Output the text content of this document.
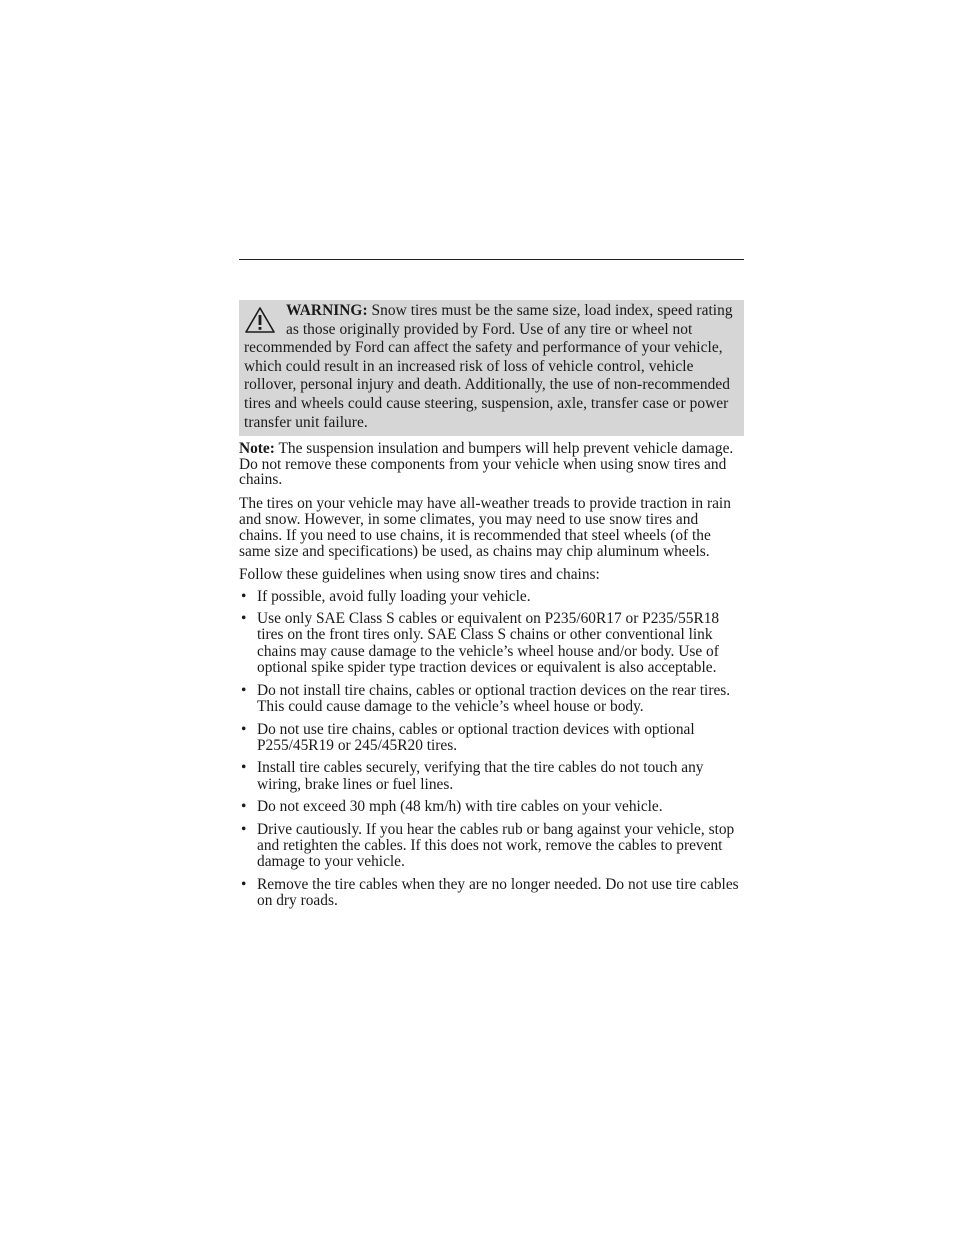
WARNING: Snow tires must be the same size, load index, speed rating as those originally provided by Ford. Use of any tire or wheel not recommended by Ford can affect the safety and performance of your vehicle, which could result in an increased risk of loss of vehicle control, vehicle rollover, personal injury and death. Additionally, the use of non-recommended tires and wheels could cause steering, suspension, axle, transfer case or power transfer unit failure.

Note: The suspension insulation and bumpers will help prevent vehicle damage. Do not remove these components from your vehicle when using snow tires and chains.

The tires on your vehicle may have all-weather treads to provide traction in rain and snow. However, in some climates, you may need to use snow tires and chains. If you need to use chains, it is recommended that steel wheels (of the same size and specifications) be used, as chains may chip aluminum wheels.

Follow these guidelines when using snow tires and chains:

• If possible, avoid fully loading your vehicle.
• Use only SAE Class S cables or equivalent on P235/60R17 or P235/55R18 tires on the front tires only. SAE Class S chains or other conventional link chains may cause damage to the vehicle’s wheel house and/or body. Use of optional spike spider type traction devices or equivalent is also acceptable.
• Do not install tire chains, cables or optional traction devices on the rear tires. This could cause damage to the vehicle’s wheel house or body.
• Do not use tire chains, cables or optional traction devices with optional P255/45R19 or 245/45R20 tires.
• Install tire cables securely, verifying that the tire cables do not touch any wiring, brake lines or fuel lines.
• Do not exceed 30 mph (48 km/h) with tire cables on your vehicle.
• Drive cautiously. If you hear the cables rub or bang against your vehicle, stop and retighten the cables. If this does not work, remove the cables to prevent damage to your vehicle.
• Remove the tire cables when they are no longer needed. Do not use tire cables on dry roads.
